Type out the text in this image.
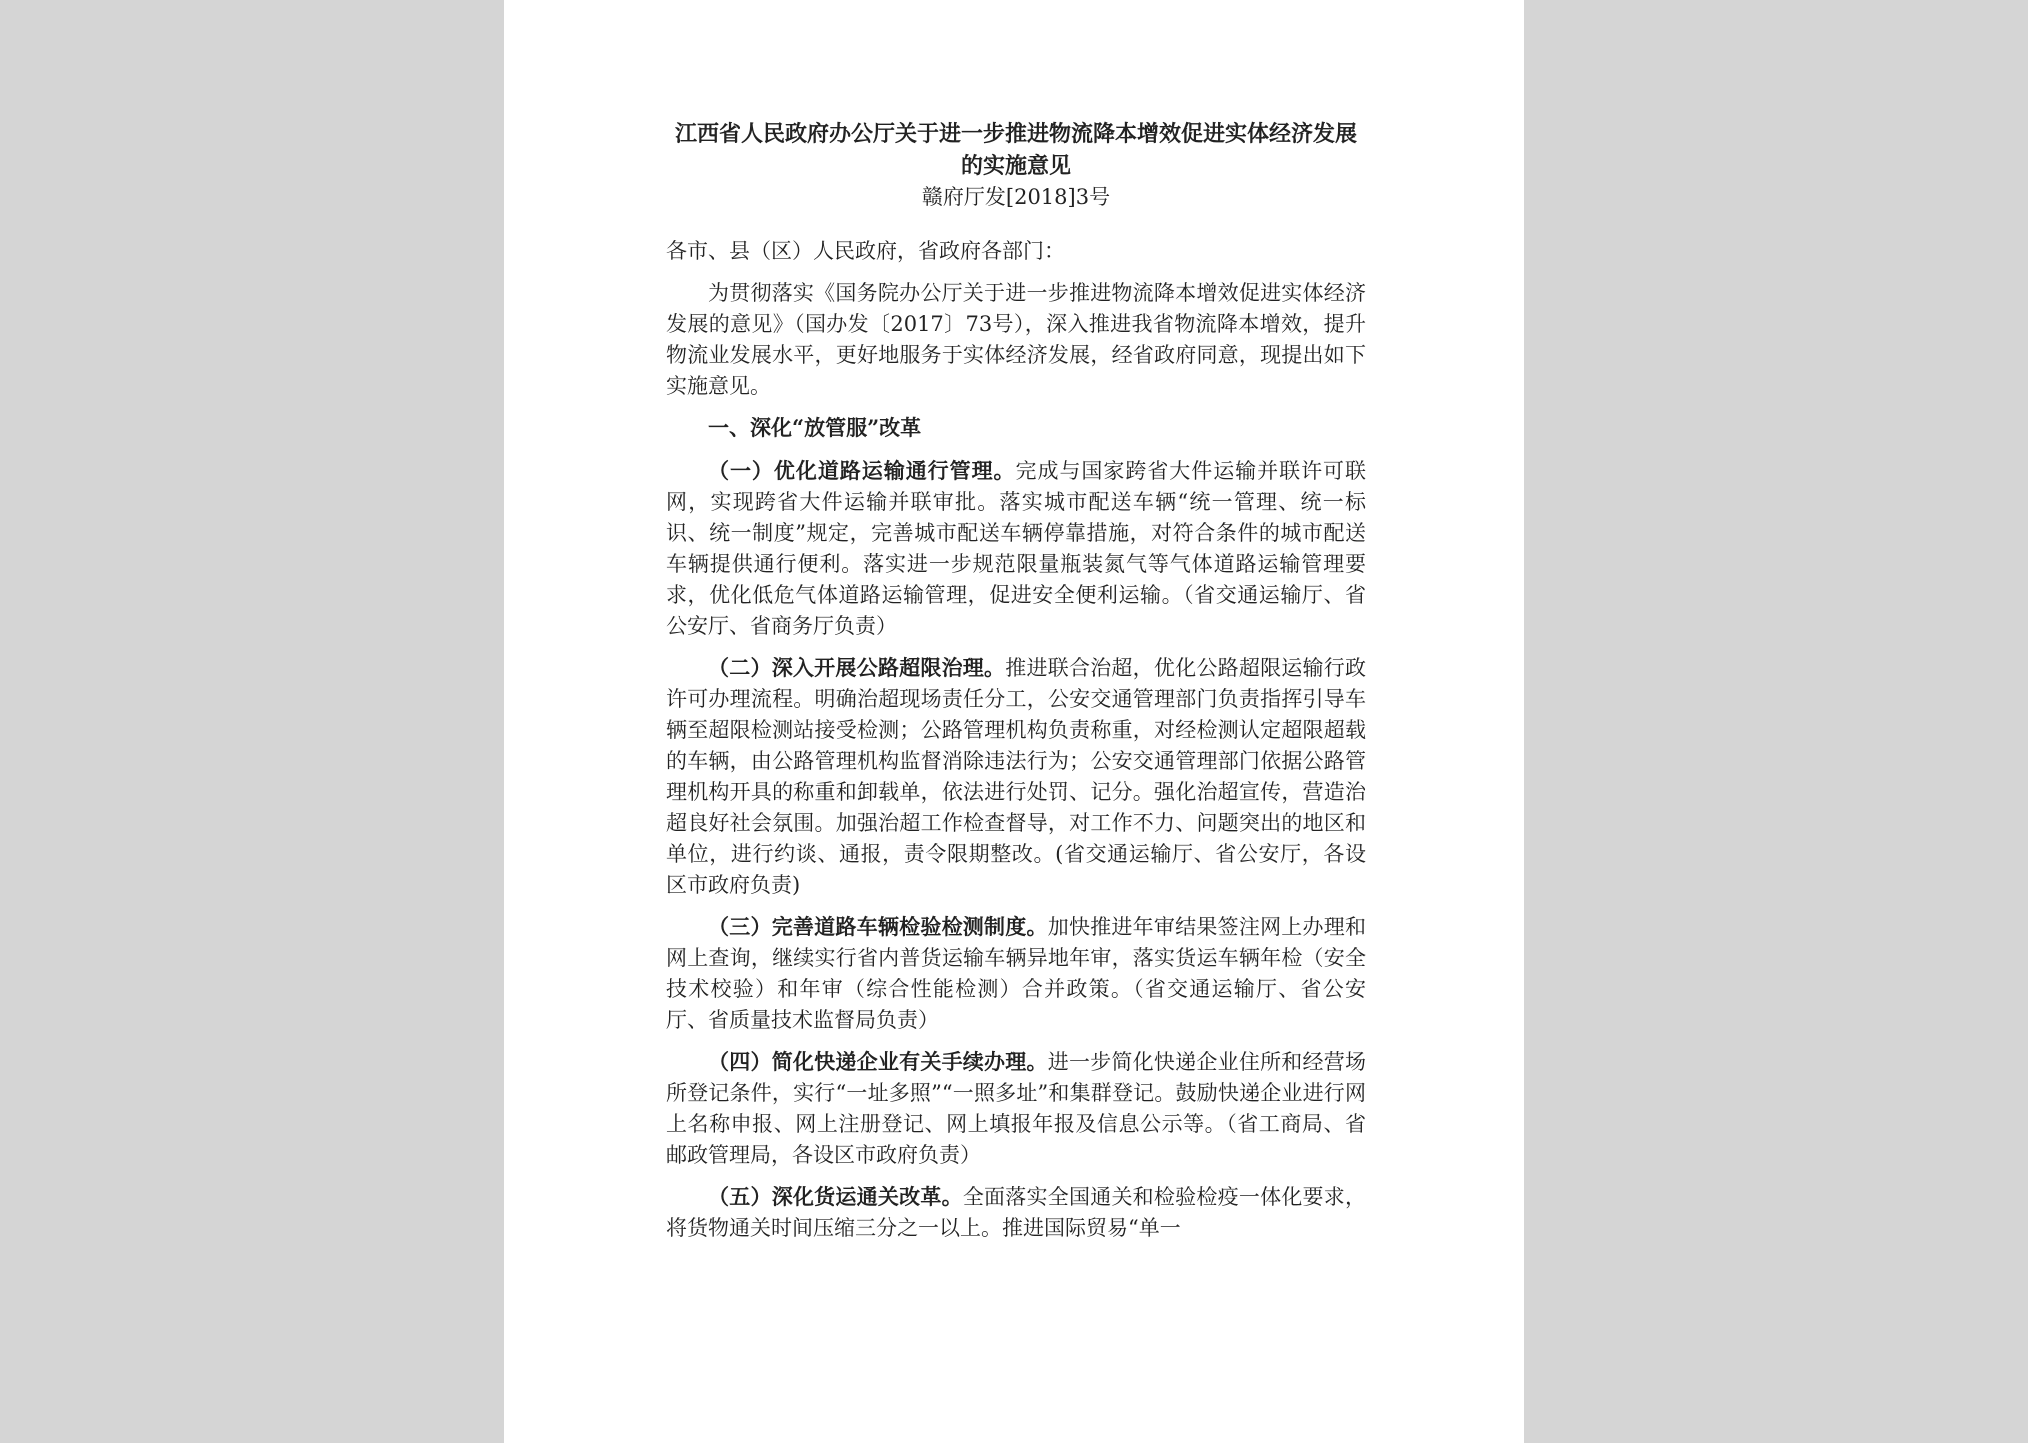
江西省人民政府办公厅关于进一步推进物流降本增效促进实体经济发展的实施意见

赣府厅发[2018]3号

各市、县（区）人民政府，省政府各部门：

为贯彻落实《国务院办公厅关于进一步推进物流降本增效促进实体经济发展的意见》（国办发〔2017〕73号），深入推进我省物流降本增效，提升物流业发展水平，更好地服务于实体经济发展，经省政府同意，现提出如下实施意见。

一、深化“放管服”改革

（一）优化道路运输通行管理。完成与国家跨省大件运输并联许可联网，实现跨省大件运输并联审批。落实城市配送车辆“统一管理、统一标识、统一制度”规定，完善城市配送车辆停靠措施，对符合条件的城市配送车辆提供通行便利。落实进一步规范限量瓶装氮气等气体道路运输管理要求，优化低危气体道路运输管理，促进安全便利运输。（省交通运输厅、省公安厅、省商务厅负责）

（二）深入开展公路超限治理。推进联合治超，优化公路超限运输行政许可办理流程。明确治超现场责任分工，公安交通管理部门负责指挥引导车辆至超限检测站接受检测；公路管理机构负责称重，对经检测认定超限超载的车辆，由公路管理机构监督消除违法行为；公安交通管理部门依据公路管理机构开具的称重和卸载单，依法进行处罚、记分。强化治超宣传，营造治超良好社会氛围。加强治超工作检查督导，对工作不力、问题突出的地区和单位，进行约谈、通报，责令限期整改。(省交通运输厅、省公安厅，各设区市政府负责)

（三）完善道路车辆检验检测制度。加快推进年审结果签注网上办理和网上查询，继续实行省内普货运输车辆异地年审，落实货运车辆年检（安全技术校验）和年审（综合性能检测）合并政策。（省交通运输厅、省公安厅、省质量技术监督局负责）

（四）简化快递企业有关手续办理。进一步简化快递企业住所和经营场所登记条件，实行“一址多照”“一照多址”和集群登记。鼓励快递企业进行网上名称申报、网上注册登记、网上填报年报及信息公示等。（省工商局、省邮政管理局，各设区市政府负责）

（五）深化货运通关改革。全面落实全国通关和检验检疫一体化要求，将货物通关时间压缩三分之一以上。推进国际贸易“单一
